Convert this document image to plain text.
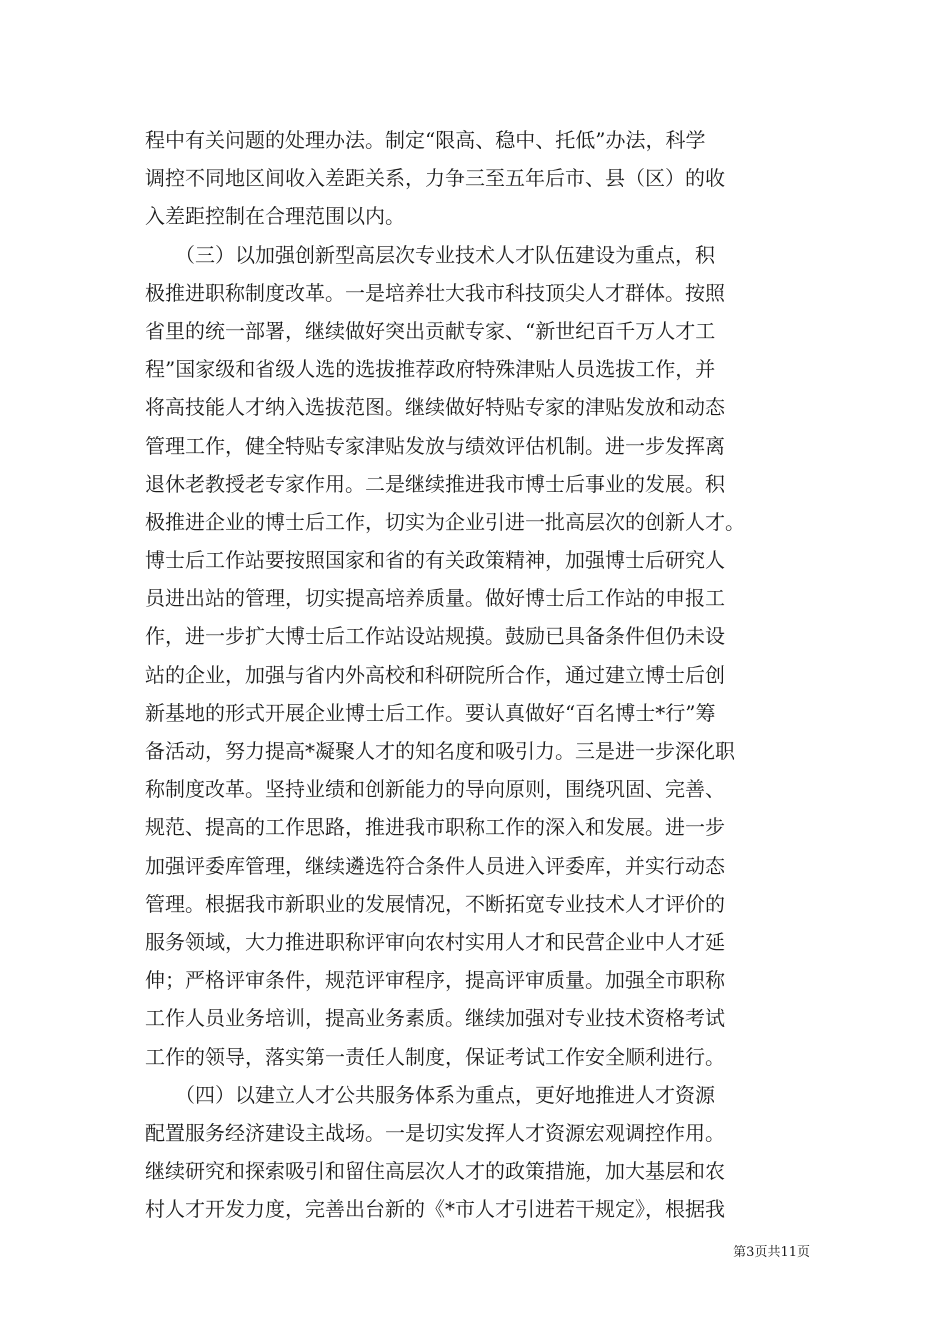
程中有关问题的处理办法。制定“限高、稳中、托低”办法，科学
调控不同地区间收入差距关系，力争三至五年后市、县（区）的收
入差距控制在合理范围以内。
　　（三）以加强创新型高层次专业技术人才队伍建设为重点，积
极推进职称制度改革。一是培养壮大我市科技顶尖人才群体。按照
省里的统一部署，继续做好突出贡献专家、“新世纪百千万人才工
程”国家级和省级人选的选拔推荐政府特殊津贴人员选拔工作，并
将高技能人才纳入选拔范图。继续做好特贴专家的津贴发放和动态
管理工作，健全特贴专家津贴发放与绩效评估机制。进一步发挥离
退休老教授老专家作用。二是继续推进我市博士后事业的发展。积
极推进企业的博士后工作，切实为企业引进一批高层次的创新人才。
博士后工作站要按照国家和省的有关政策精神，加强博士后研究人
员进出站的管理，切实提高培养质量。做好博士后工作站的申报工
作，进一步扩大博士后工作站设站规摸。鼓励已具备条件但仍未设
站的企业，加强与省内外高校和科研院所合作，通过建立博士后创
新基地的形式开展企业博士后工作。要认真做好“百名博士*行”筹
备活动，努力提高*凝聚人才的知名度和吸引力。三是进一步深化职
称制度改革。坚持业绩和创新能力的导向原则，围绕巩固、完善、
规范、提高的工作思路，推进我市职称工作的深入和发展。进一步
加强评委库管理，继续遴选符合条件人员进入评委库，并实行动态
管理。根据我市新职业的发展情况，不断拓宽专业技术人才评价的
服务领域，大力推进职称评审向农村实用人才和民营企业中人才延
伸；严格评审条件，规范评审程序，提高评审质量。加强全市职称
工作人员业务培训，提高业务素质。继续加强对专业技术资格考试
工作的领导，落实第一责任人制度，保证考试工作安全顺利进行。
　　（四）以建立人才公共服务体系为重点，更好地推进人才资源
配置服务经济建设主战场。一是切实发挥人才资源宏观调控作用。
继续研究和探索吸引和留住高层次人才的政策措施，加大基层和农
村人才开发力度，完善出台新的《*市人才引进若干规定》，根据我
第3页共11页
